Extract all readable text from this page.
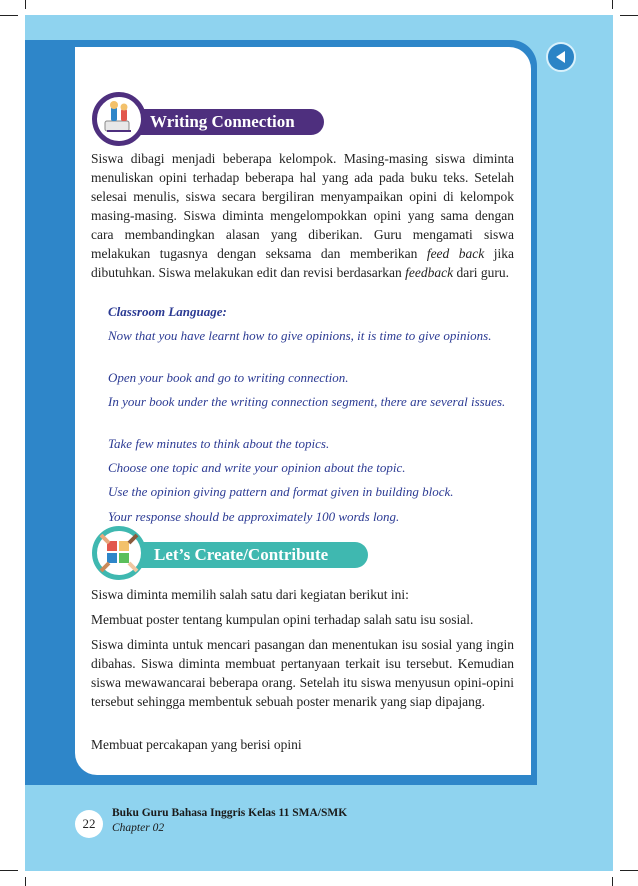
Writing Connection
Siswa dibagi menjadi beberapa kelompok. Masing-masing siswa diminta menuliskan opini terhadap beberapa hal yang ada pada buku teks. Setelah selesai menulis, siswa secara bergiliran menyampaikan opini di kelompok masing-masing. Siswa diminta mengelompokkan opini yang sama dengan cara membandingkan alasan yang diberikan. Guru mengamati siswa melakukan tugasnya dengan seksama dan memberikan feed back jika dibutuhkan. Siswa melakukan edit dan revisi berdasarkan feedback dari guru.
Classroom Language:
Now that you have learnt how to give opinions, it is time to give opinions.
Open your book and go to writing connection.
In your book under the writing connection segment, there are several issues.
Take few minutes to think about the topics.
Choose one topic and write your opinion about the topic.
Use the opinion giving pattern and format given in building block.
Your response should be approximately 100 words long.
Let’s Create/Contribute
Siswa diminta memilih salah satu dari kegiatan berikut ini:
Membuat poster tentang kumpulan opini terhadap salah satu isu sosial.
Siswa diminta untuk mencari pasangan dan menentukan isu sosial yang ingin dibahas. Siswa diminta membuat pertanyaan terkait isu tersebut. Kemudian siswa mewawancarai beberapa orang. Setelah itu siswa menyusun opini-opini tersebut sehingga membentuk sebuah poster menarik yang siap dipajang.
Membuat percakapan yang berisi opini
22
Buku Guru Bahasa Inggris Kelas 11 SMA/SMK
Chapter 02
